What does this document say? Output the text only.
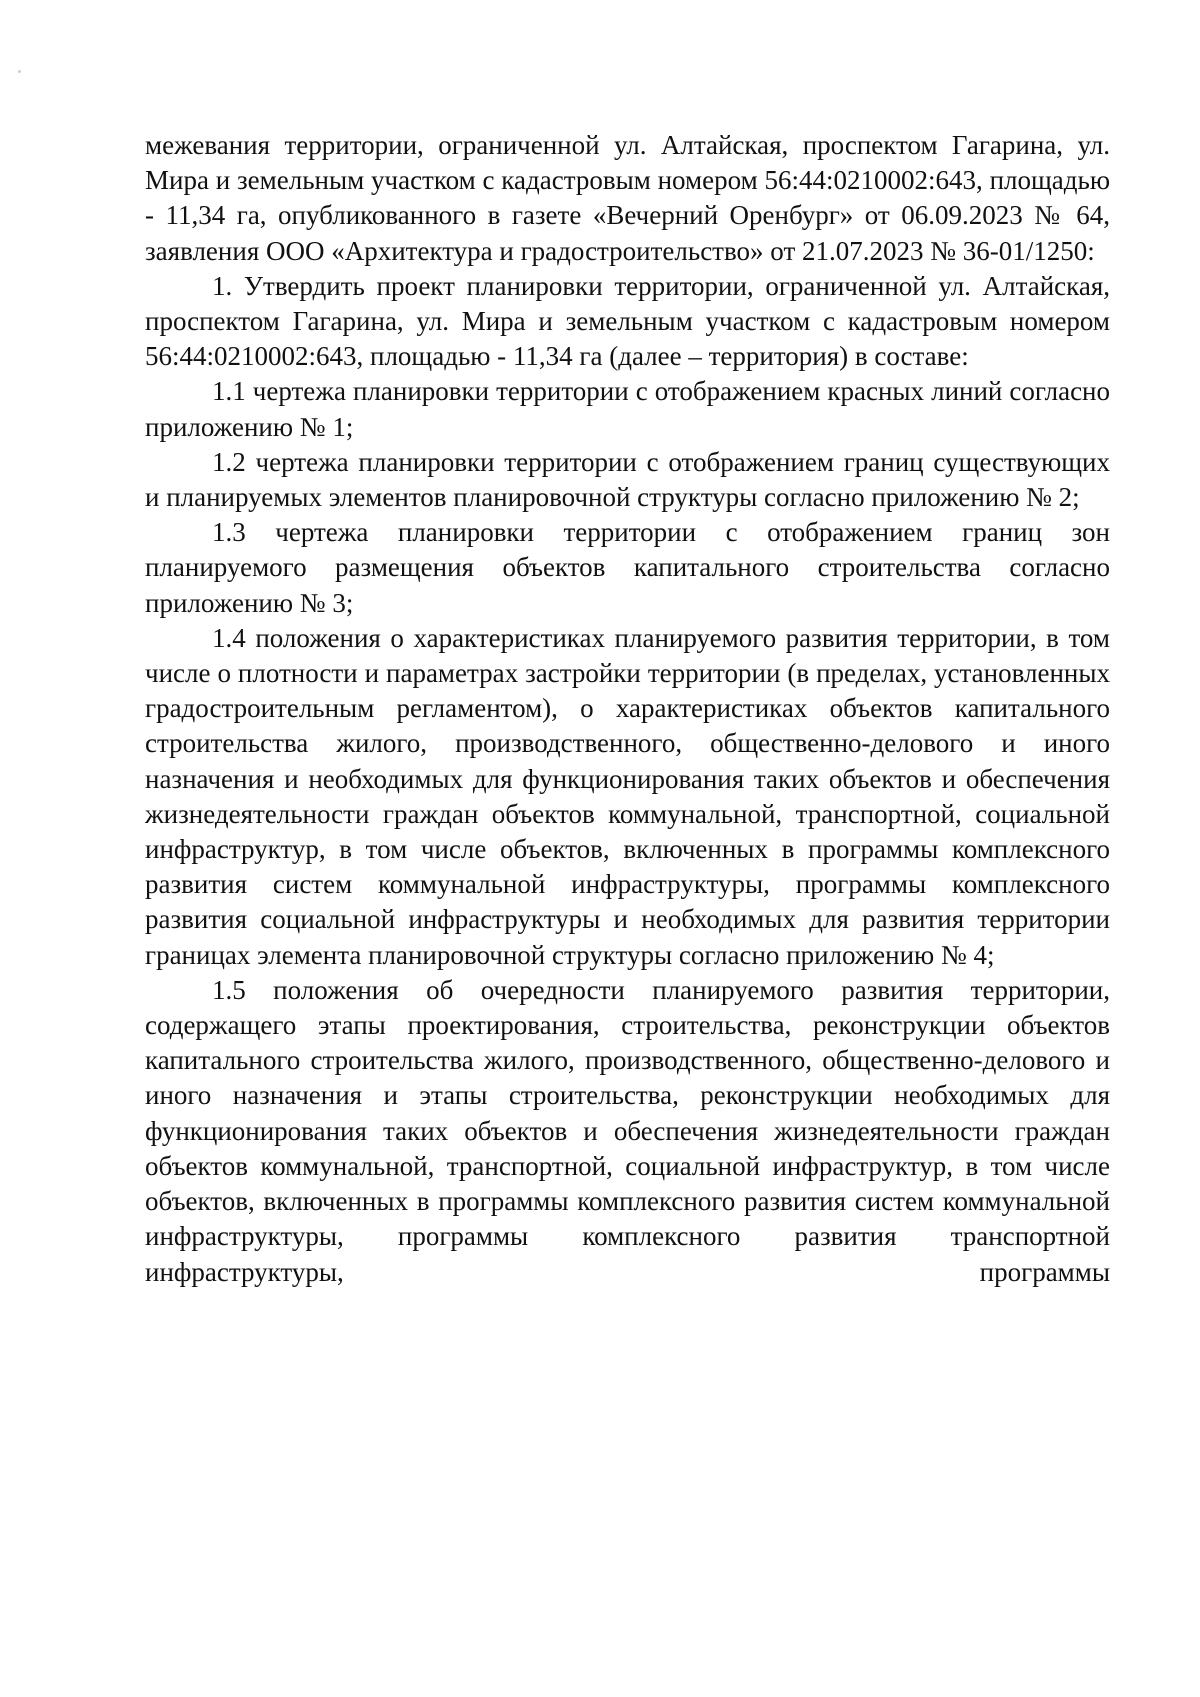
межевания территории, ограниченной ул. Алтайская, проспектом Гагарина, ул. Мира и земельным участком с кадастровым номером 56:44:0210002:643, площадью - 11,34 га, опубликованного в газете «Вечерний Оренбург» от 06.09.2023 № 64, заявления ООО «Архитектура и градостроительство» от 21.07.2023 № 36-01/1250:

1. Утвердить проект планировки территории, ограниченной ул. Алтайская, проспектом Гагарина, ул. Мира и земельным участком с кадастровым номером 56:44:0210002:643, площадью - 11,34 га (далее – территория) в составе:

1.1 чертежа планировки территории с отображением красных линий согласно приложению № 1;

1.2 чертежа планировки территории с отображением границ существующих и планируемых элементов планировочной структуры согласно приложению № 2;

1.3 чертежа планировки территории с отображением границ зон планируемого размещения объектов капитального строительства согласно приложению № 3;

1.4 положения о характеристиках планируемого развития территории, в том числе о плотности и параметрах застройки территории (в пределах, установленных градостроительным регламентом), о характеристиках объектов капитального строительства жилого, производственного, общественно-делового и иного назначения и необходимых для функционирования таких объектов и обеспечения жизнедеятельности граждан объектов коммунальной, транспортной, социальной инфраструктур, в том числе объектов, включенных в программы комплексного развития систем коммунальной инфраструктуры, программы комплексного развития социальной инфраструктуры и необходимых для развития территории границах элемента планировочной структуры согласно приложению № 4;

1.5 положения об очередности планируемого развития территории, содержащего этапы проектирования, строительства, реконструкции объектов капитального строительства жилого, производственного, общественно-делового и иного назначения и этапы строительства, реконструкции необходимых для функционирования таких объектов и обеспечения жизнедеятельности граждан объектов коммунальной, транспортной, социальной инфраструктур, в том числе объектов, включенных в программы комплексного развития систем коммунальной инфраструктуры, программы комплексного развития транспортной инфраструктуры, программы
